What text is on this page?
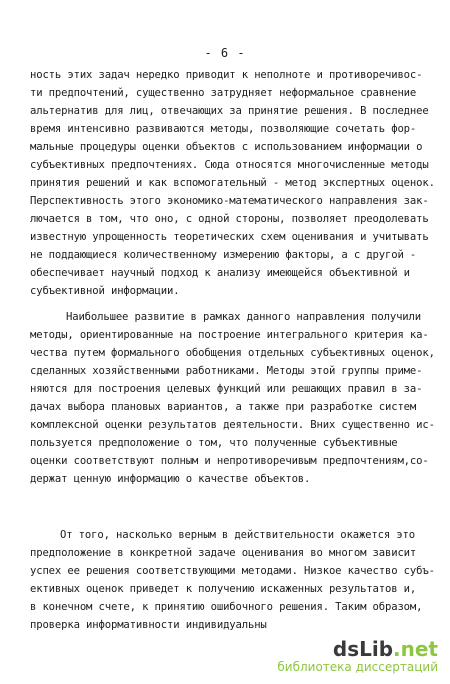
- 6 -
ность этих задач нередко приводит к неполноте и противоречивос-
ти предпочтений, существенно затрудняет неформальное сравнение
альтернатив для лиц, отвечающих за принятие решения. В последнее
время интенсивно развиваются методы, позволяющие сочетать фор-
мальные процедуры оценки объектов с использованием информации о
субъективных предпочтениях. Сюда относятся многочисленные методы
принятия решений и как вспомогательный - метод экспертных оценок.
Перспективность этого экономико-математического направления зак-
лючается в том, что оно, с одной стороны, позволяет преодолевать
известную упрощенность теоретических схем оценивания и учитывать
не поддающиеся количественному измерению факторы, а с другой -
обеспечивает научный подход к анализу имеющейся объективной и
субъективной информации.
Наибольшее развитие в рамках данного направления получили
методы, ориентированные на построение интегрального критерия ка-
чества путем формального обобщения отдельных субъективных оценок,
сделанных хозяйственными работниками. Методы этой группы приме-
няются для построения целевых функций или решающих правил в за-
дачах выбора плановых вариантов, а также при разработке систем
комплексной оценки результатов деятельности. Вних существенно ис-
пользуется предположение о том, что полученные субъективные
оценки соответствуют полным и непротиворечивым предпочтениям,со-
держат ценную информацию о качестве объектов.
От того, насколько верным в действительности окажется это
предположение в конкретной задаче оценивания во многом зависит
успех ее решения соответствующими методами. Низкое качество субъ-
ективных оценок приведет к получению искаженных результатов и,
в конечном счете, к принятию ошибочного решения. Таким образом,
проверка информативности индивидуальны
dsLib.net
библиотека диссертаций
